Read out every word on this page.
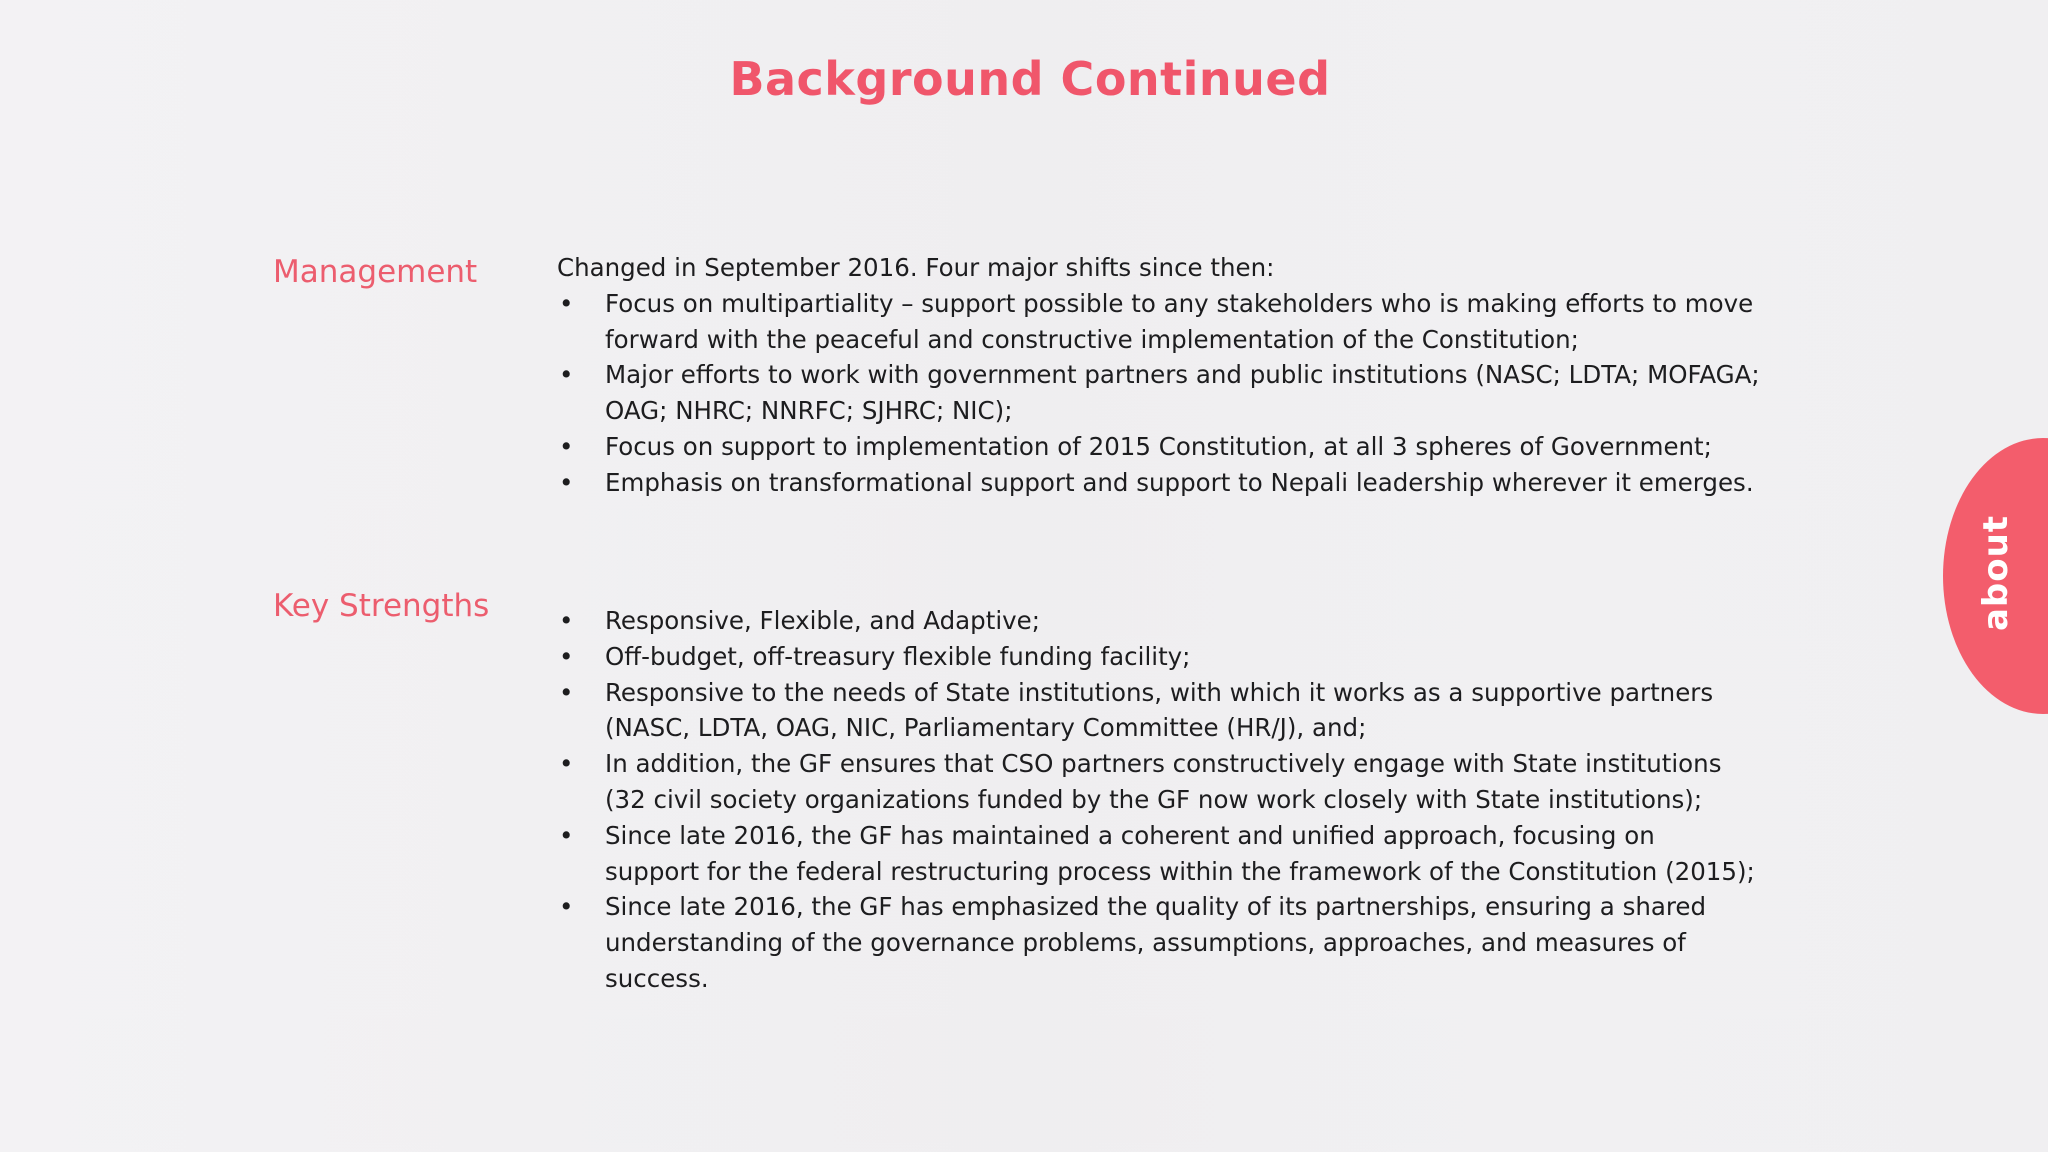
Background Continued
Management	Changed in September 2016. Four major shifts since then:
• Focus on multipartiality – support possible to any stakeholders who is making efforts to move
forward with the peaceful and constructive implementation of the Constitution;
• Major efforts to work with government partners and public institutions (NASC; LDTA; MOFAGA;
OAG; NHRC; NNRFC; SJHRC; NIC);
• Focus on support to implementation of 2015 Constitution, at all 3 spheres of Government;
• Emphasis on transformational support and support to Nepali leadership wherever it emerges.
Key Strengths	• Responsive, Flexible, and Adaptive;
• Off-budget, off-treasury flexible funding facility;
• Responsive to the needs of State institutions, with which it works as a supportive partners
(NASC, LDTA, OAG, NIC, Parliamentary Committee (HR/J), and;
• In addition, the GF ensures that CSO partners constructively engage with State institutions
(32 civil society organizations funded by the GF now work closely with State institutions);
• Since late 2016, the GF has maintained a coherent and unified approach, focusing on
support for the federal restructuring process within the framework of the Constitution (2015);
• Since late 2016, the GF has emphasized the quality of its partnerships, ensuring a shared
understanding of the governance problems, assumptions, approaches, and measures of
success.
about
